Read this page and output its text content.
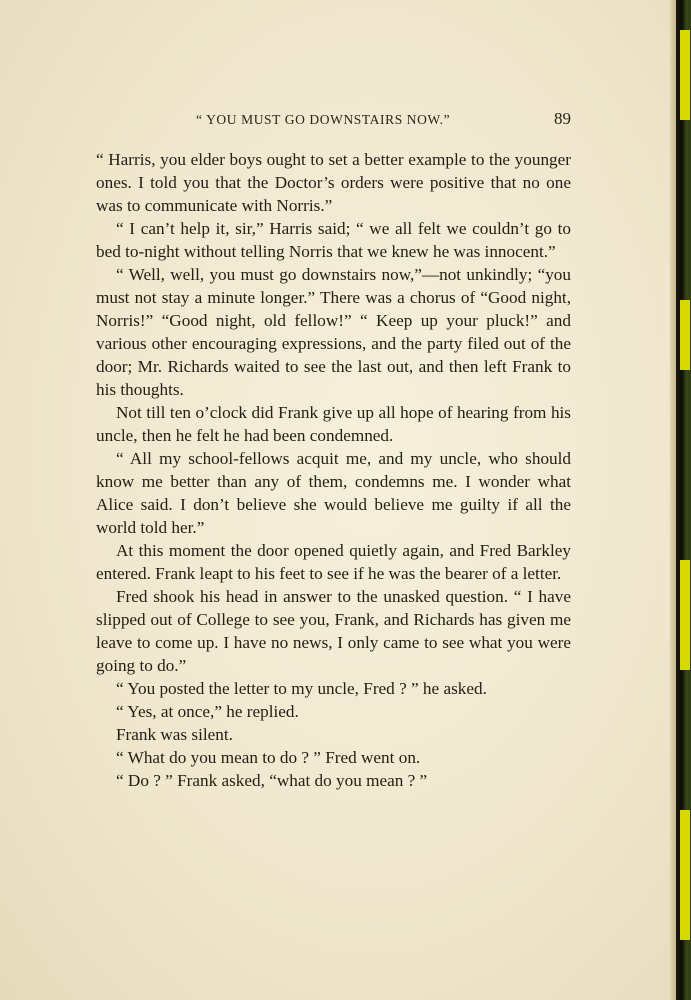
“ YOU MUST GO DOWNSTAIRS NOW.”	89

“ Harris, you elder boys ought to set a better example to the younger ones. I told you that the Doctor’s orders were positive that no one was to communicate with Norris.”

“ I can’t help it, sir,” Harris said; “ we all felt we couldn’t go to bed to-night without telling Norris that we knew he was innocent.”

“ Well, well, you must go downstairs now,”—not unkindly; “you must not stay a minute longer.” There was a chorus of “Good night, Norris!” “Good night, old fellow!” “ Keep up your pluck!” and various other encouraging expressions, and the party filed out of the door; Mr. Richards waited to see the last out, and then left Frank to his thoughts.

Not till ten o’clock did Frank give up all hope of hearing from his uncle, then he felt he had been condemned.

“ All my school-fellows acquit me, and my uncle, who should know me better than any of them, condemns me. I wonder what Alice said. I don’t believe she would believe me guilty if all the world told her.”

At this moment the door opened quietly again, and Fred Barkley entered. Frank leapt to his feet to see if he was the bearer of a letter.

Fred shook his head in answer to the unasked question. “ I have slipped out of College to see you, Frank, and Richards has given me leave to come up. I have no news, I only came to see what you were going to do.”

“ You posted the letter to my uncle, Fred ? ” he asked.

“ Yes, at once,” he replied.

Frank was silent.

“ What do you mean to do ? ” Fred went on.

“ Do ? ” Frank asked, “what do you mean ? ”
